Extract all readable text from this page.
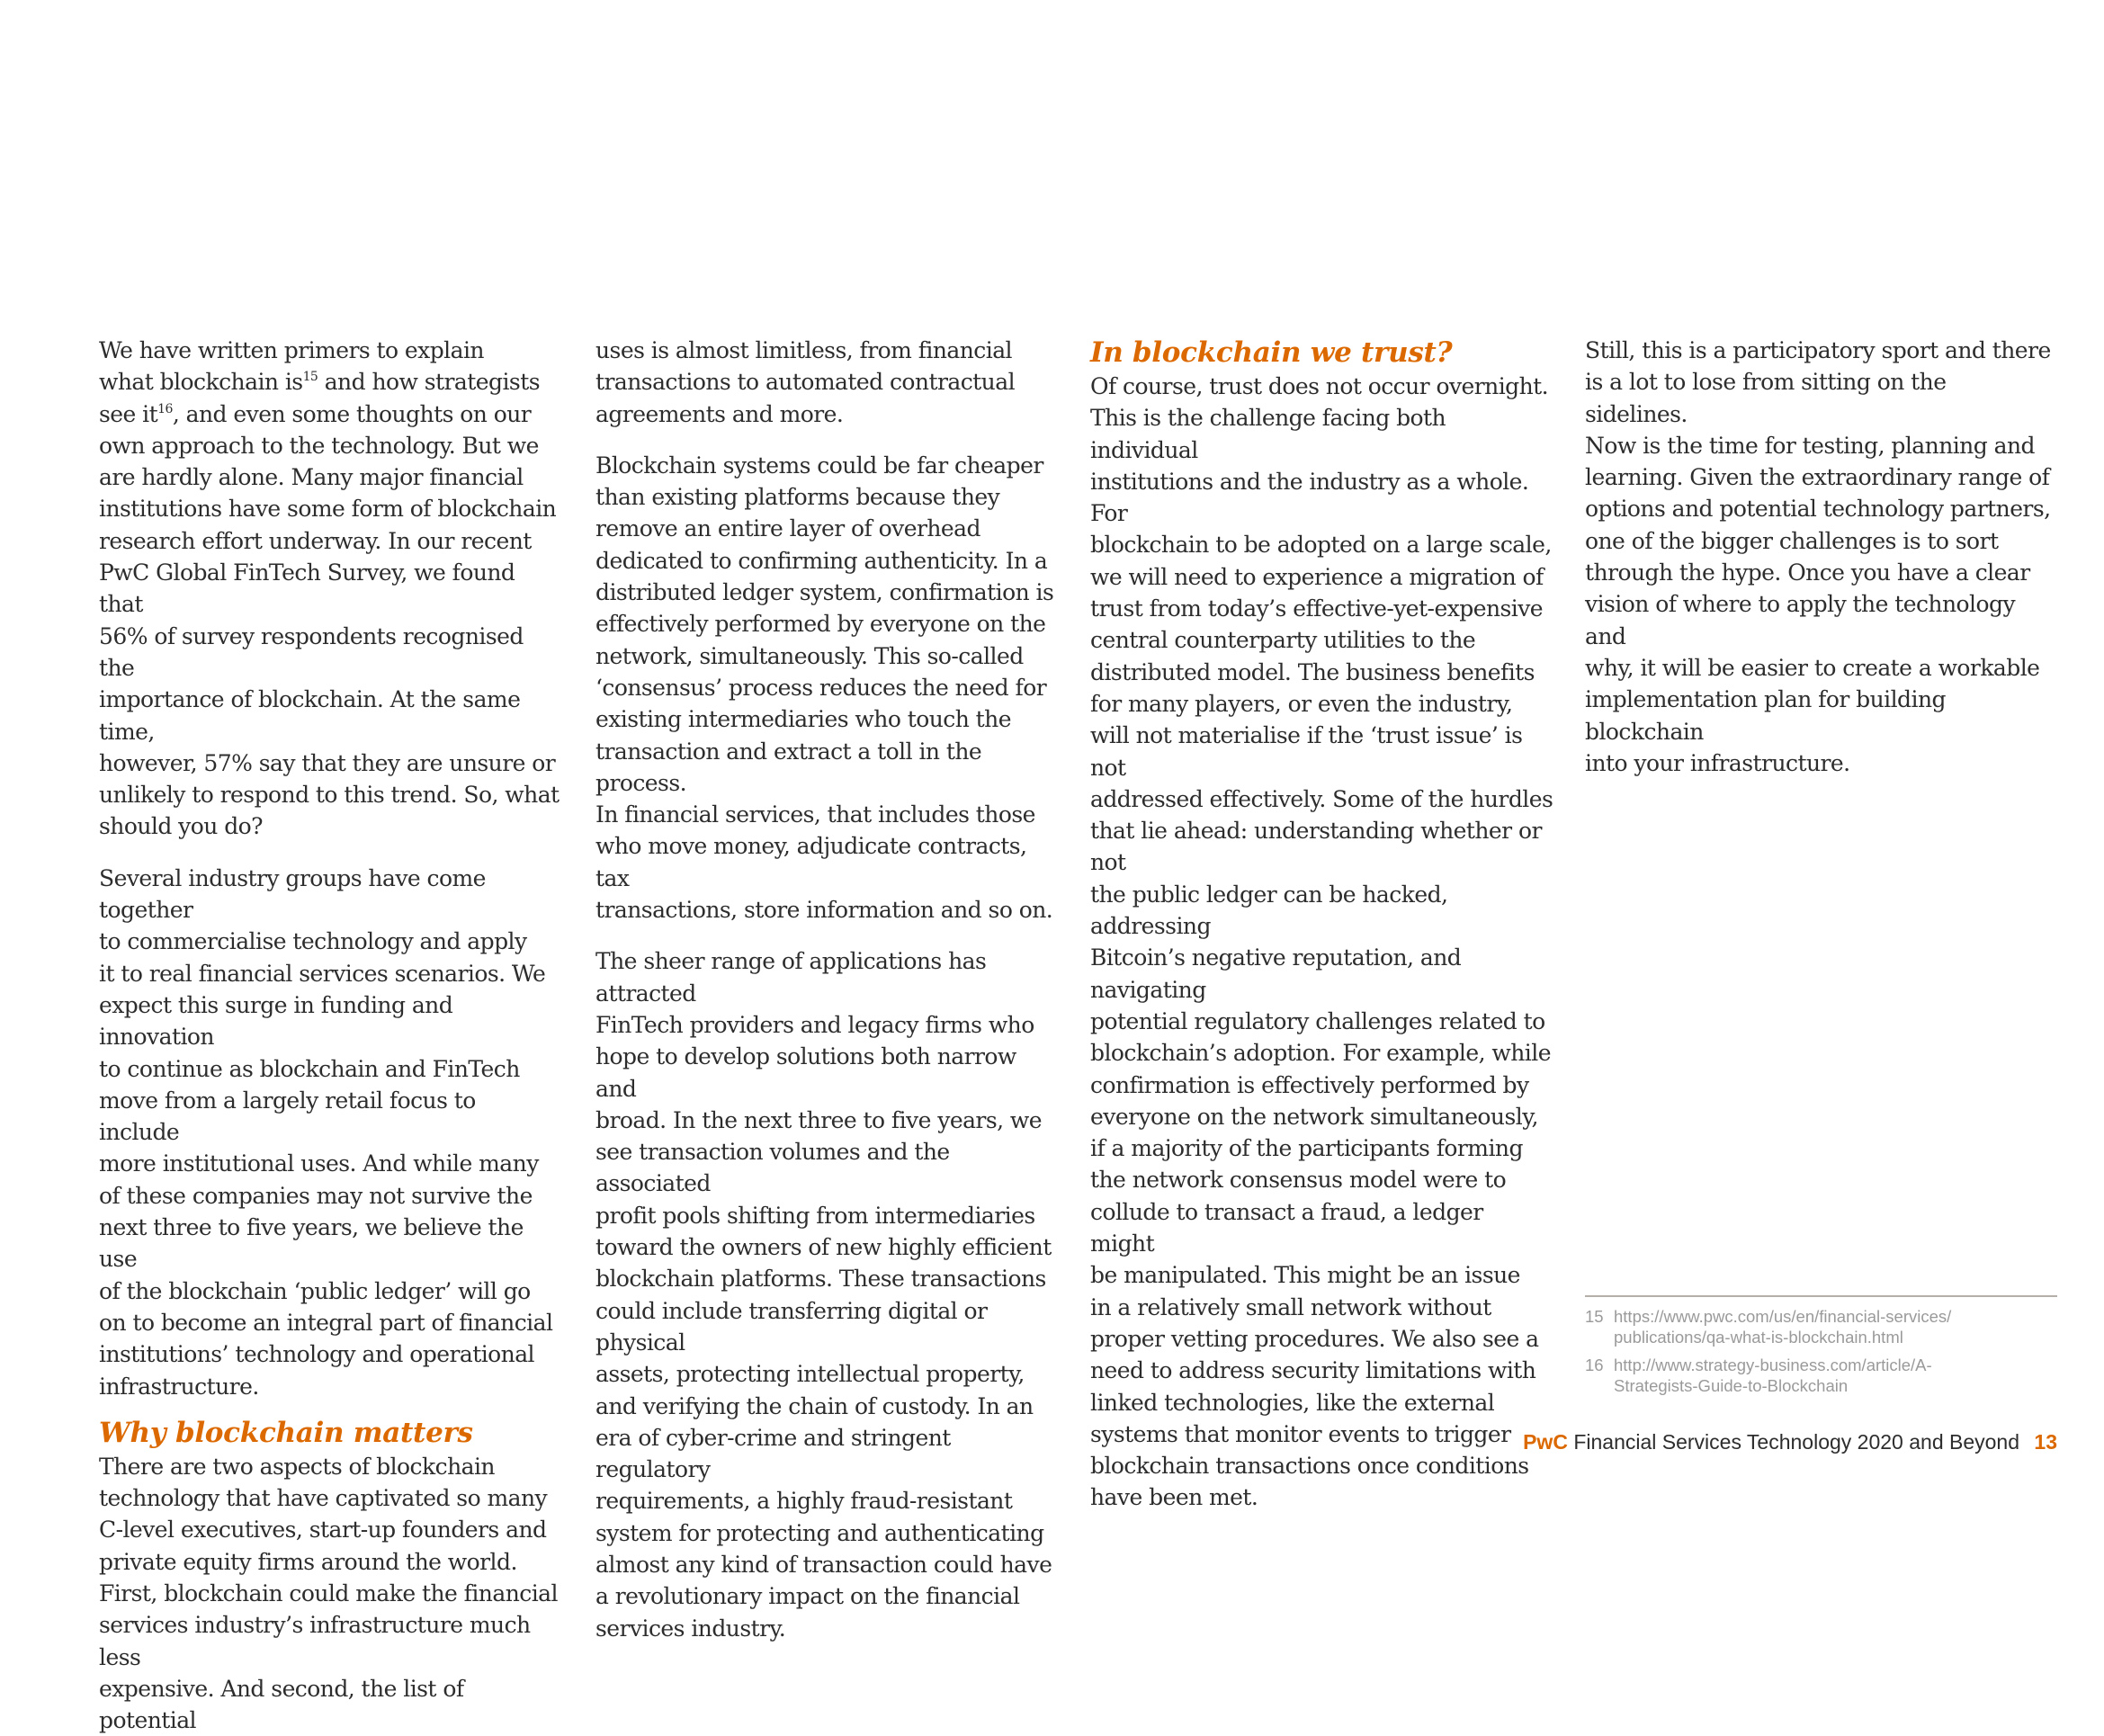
We have written primers to explain
what blockchain $is^{15}$ and how strategists
see $it^{16}$, and even some thoughts on our
own approach to the technology. But we
are hardly alone. Many major financial
institutions have some form of blockchain
research effort underway. In our recent
PwC Global FinTech Survey, we found that
56% of survey respondents recognised the
importance of blockchain. At the same time,
however, 57% say that they are unsure or
unlikely to respond to this trend. So, what
should you do?

Several industry groups have come together
to commercialise technology and apply
it to real financial services scenarios. We
expect this surge in funding and innovation
to continue as blockchain and FinTech
move from a largely retail focus to include
more institutional uses. And while many
of these companies may not survive the
next three to five years, we believe the use
of the blockchain ‘public ledger’ will go
on to become an integral part of financial
institutions’ technology and operational
infrastructure.

Why blockchain matters

There are two aspects of blockchain
technology that have captivated so many
C-level executives, start-up founders and
private equity firms around the world.
First, blockchain could make the financial
services industry’s infrastructure much less
expensive. And second, the list of potential

uses is almost limitless, from financial
transactions to automated contractual
agreements and more.

Blockchain systems could be far cheaper
than existing platforms because they
remove an entire layer of overhead
dedicated to confirming authenticity. In a
distributed ledger system, confirmation is
effectively performed by everyone on the
network, simultaneously. This so-called
‘consensus’ process reduces the need for
existing intermediaries who touch the
transaction and extract a toll in the process.
In financial services, that includes those
who move money, adjudicate contracts, tax
transactions, store information and so on.

The sheer range of applications has attracted
FinTech providers and legacy firms who
hope to develop solutions both narrow and
broad. In the next three to five years, we
see transaction volumes and the associated
profit pools shifting from intermediaries
toward the owners of new highly efficient
blockchain platforms. These transactions
could include transferring digital or physical
assets, protecting intellectual property,
and verifying the chain of custody. In an
era of cyber-crime and stringent regulatory
requirements, a highly fraud-resistant
system for protecting and authenticating
almost any kind of transaction could have
a revolutionary impact on the financial
services industry.

In blockchain we trust?

Of course, trust does not occur overnight.
This is the challenge facing both individual
institutions and the industry as a whole. For
blockchain to be adopted on a large scale,
we will need to experience a migration of
trust from today’s effective-yet-expensive
central counterparty utilities to the
distributed model. The business benefits
for many players, or even the industry,
will not materialise if the ‘trust issue’ is not
addressed effectively. Some of the hurdles
that lie ahead: understanding whether or not
the public ledger can be hacked, addressing
Bitcoin’s negative reputation, and navigating
potential regulatory challenges related to
blockchain’s adoption. For example, while
confirmation is effectively performed by
everyone on the network simultaneously,
if a majority of the participants forming
the network consensus model were to
collude to transact a fraud, a ledger might
be manipulated. This might be an issue
in a relatively small network without
proper vetting procedures. We also see a
need to address security limitations with
linked technologies, like the external
systems that monitor events to trigger
blockchain transactions once conditions
have been met.

Still, this is a participatory sport and there
is a lot to lose from sitting on the sidelines.
Now is the time for testing, planning and
learning. Given the extraordinary range of
options and potential technology partners,
one of the bigger challenges is to sort
through the hype. Once you have a clear
vision of where to apply the technology and
why, it will be easier to create a workable
implementation plan for building blockchain
into your infrastructure.

15 https://www.pwc.com/us/en/financial-services/
publications/qa-what-is-blockchain.html
16 http://www.strategy-business.com/article/A-
Strategists-Guide-to-Blockchain
PwC Financial Services Technology 2020 and Beyond 13
